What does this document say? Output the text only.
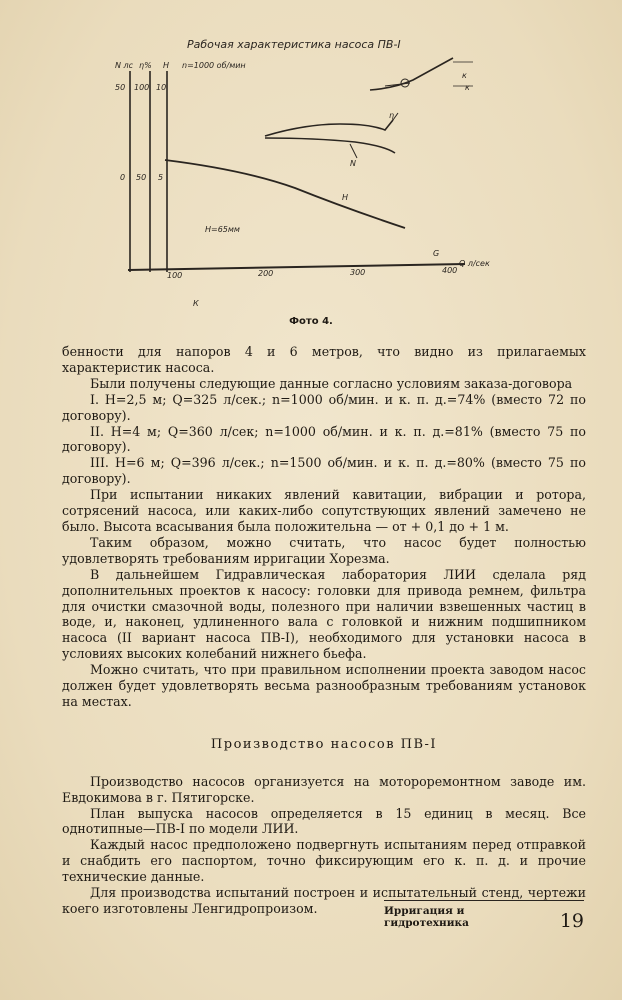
Рабочая характеристика насоса ПВ-I
N лс η% H n=1000 об/мин
50
0
100
50
10
5
100	200	300	400
Q л/сек
к
к
η
N
H
Н=65мм
G
К
Фото 4.

бенности для напоров 4 и 6 метров, что видно из прилагаемых характеристик насоса.

Были получены следующие данные согласно условиям заказа-договора

I. H=2,5 м; Q=325 л/сек.; n=1000 об/мин. и к. п. д.=74% (вместо 72 по договору).

II. H=4 м; Q=360 л/сек; n=1000 об/мин. и к. п. д.=81% (вместо 75 по договору).

III. H=6 м; Q=396 л/сек.; n=1500 об/мин. и к. п. д.=80% (вместо 75 по договору).

При испытании никаких явлений кавитации, вибрации и ротора, сотрясений насоса, или каких-либо сопутствующих явлений замечено не было. Высота всасывания была положительна — от + 0,1 до + 1 м.

Таким образом, можно считать, что насос будет полностью удовлетворять требованиям ирригации Хорезма.

В дальнейшем Гидравлическая лаборатория ЛИИ сделала ряд дополнительных проектов к насосу: головки для привода ремнем, фильтра для очистки смазочной воды, полезного при наличии взвешенных частиц в воде, и, наконец, удлиненного вала с головкой и нижним подшипником насоса (II вариант насоса ПВ-I), необходимого для установки насоса в условиях высоких колебаний нижнего бьефа.

Можно считать, что при правильном исполнении проекта заводом насос должен будет удовлетворять весьма разнообразным требованиям установок на местах.

Производство насосов ПВ-I

Производство насосов организуется на мотороремонтном заводе им. Евдокимова в г. Пятигорске.

План выпуска насосов определяется в 15 единиц в месяц. Все однотипные—ПВ-I по модели ЛИИ.

Каждый насос предположено подвергнуть испытаниям перед отправкой и снабдить его паспортом, точно фиксирующим его к. п. д. и прочие технические данные.

Для производства испытаний построен и испытательный стенд, чертежи коего изготовлены Ленгидропроизом.	Ирригация и гидротехника	19
